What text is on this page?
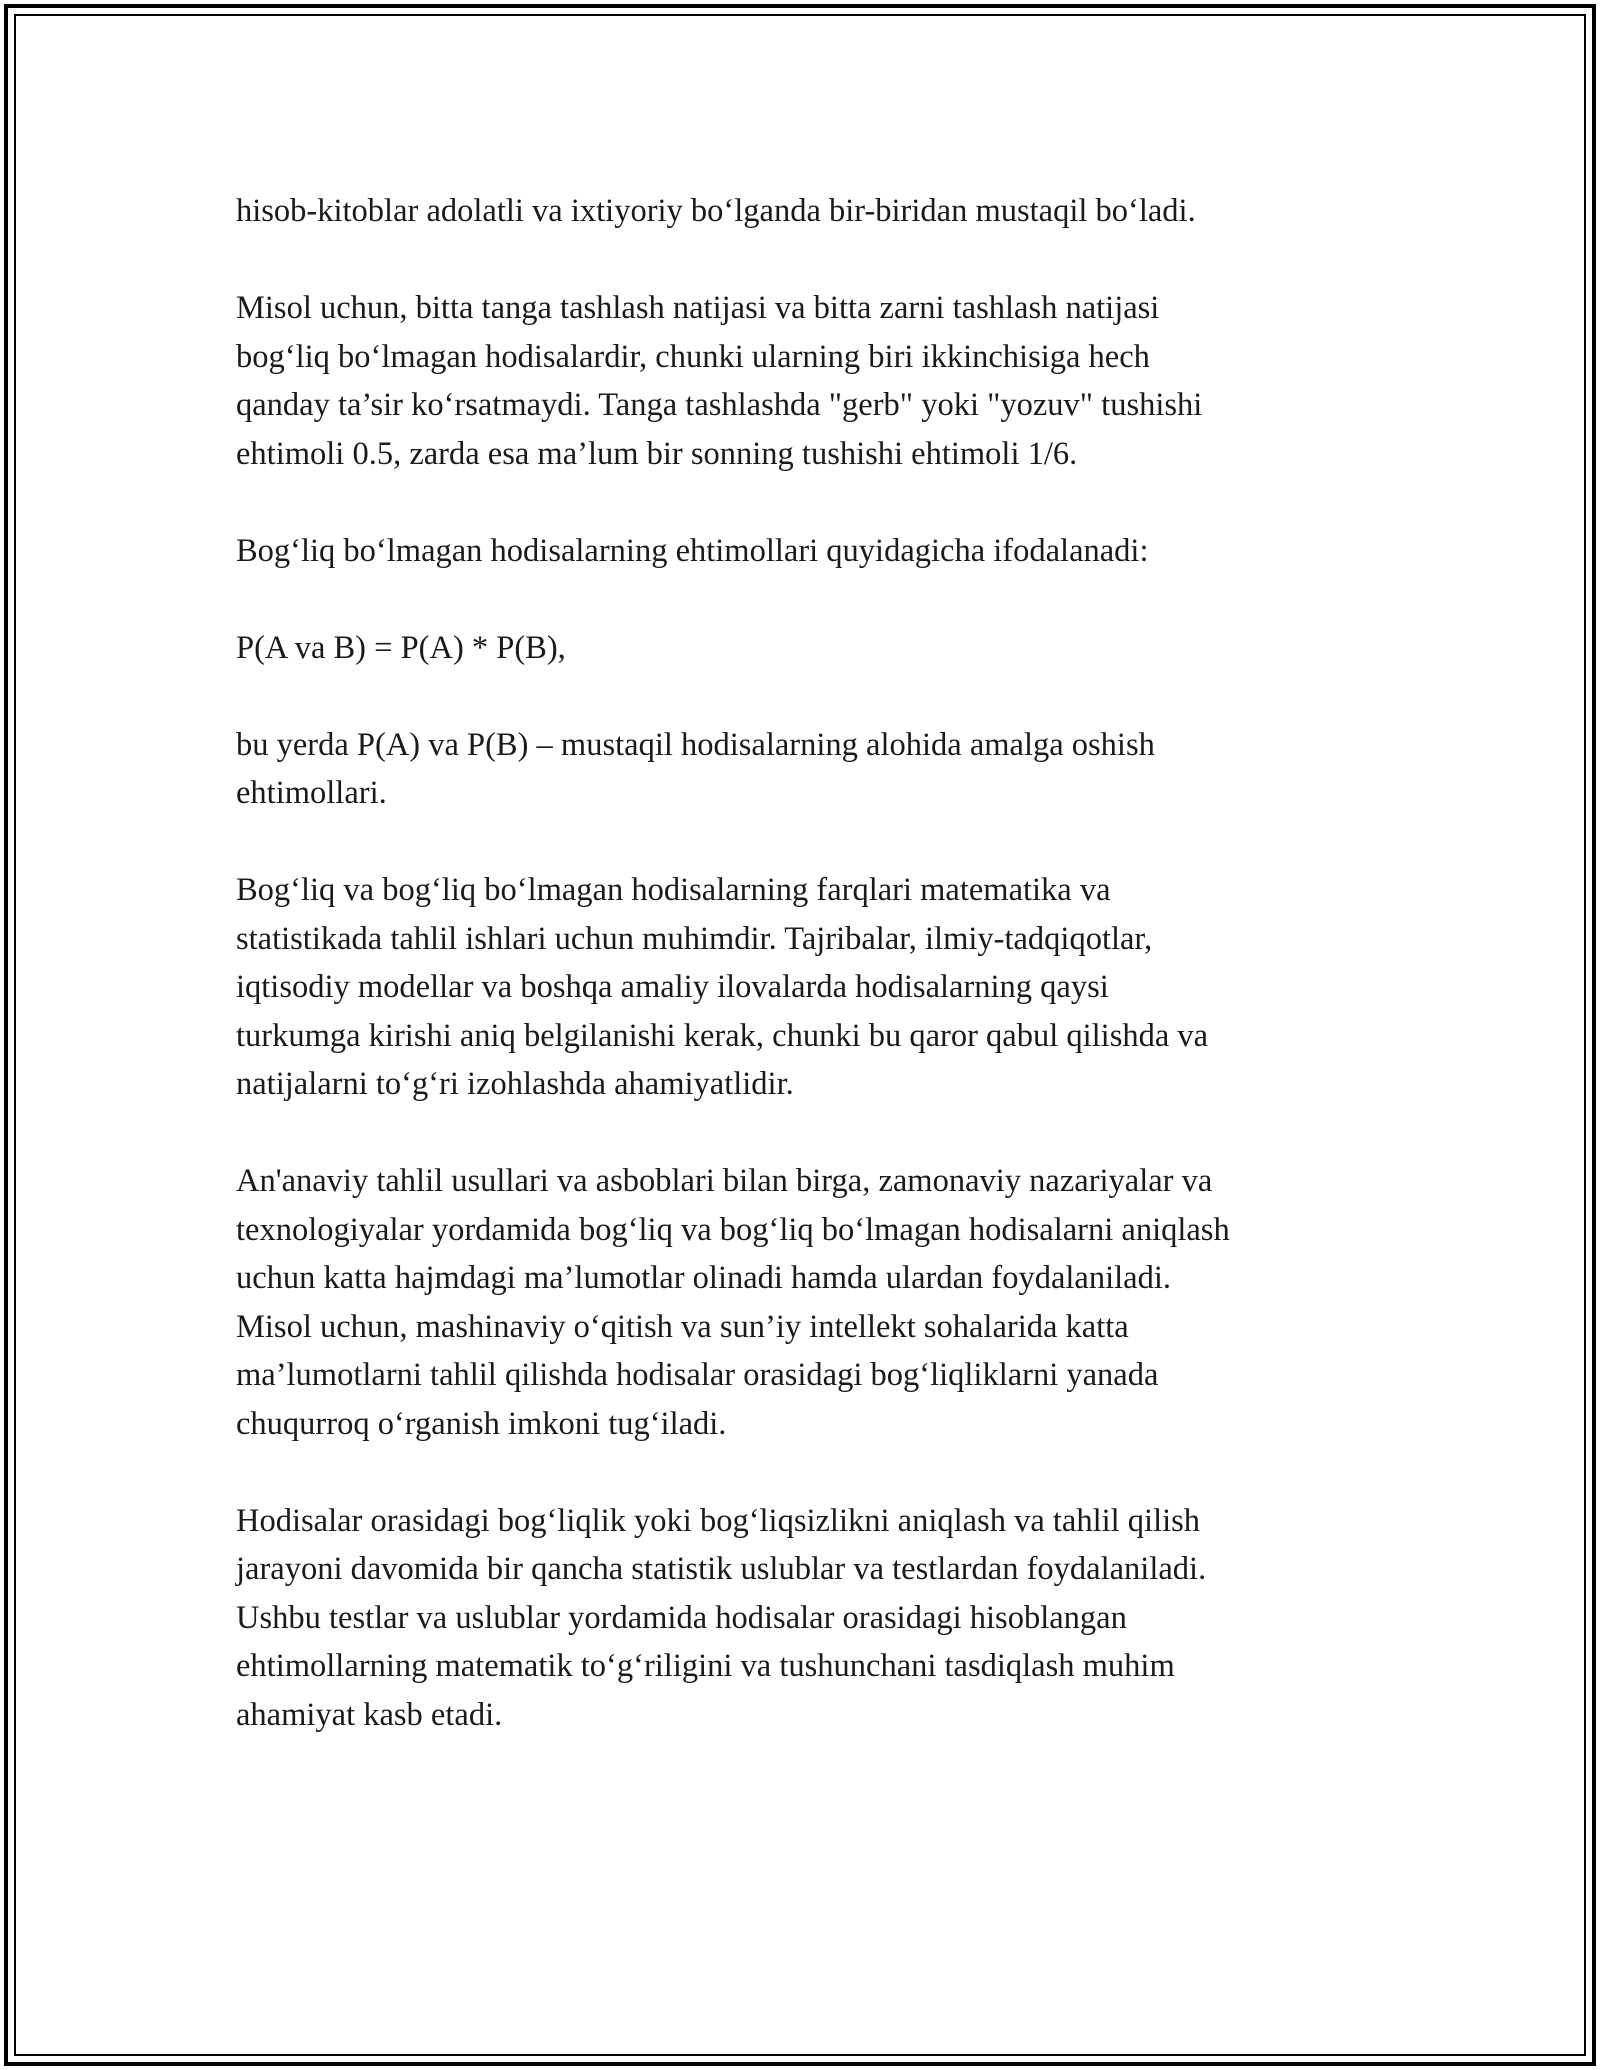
hisob-kitoblar adolatli va ixtiyoriy bo‘lganda bir-biridan mustaqil bo‘ladi.

Misol uchun, bitta tanga tashlash natijasi va bitta zarni tashlash natijasi
bog‘liq bo‘lmagan hodisalardir, chunki ularning biri ikkinchisiga hech
qanday ta’sir ko‘rsatmaydi. Tanga tashlashda "gerb" yoki "yozuv" tushishi
ehtimoli 0.5, zarda esa ma’lum bir sonning tushishi ehtimoli 1/6.

Bog‘liq bo‘lmagan hodisalarning ehtimollari quyidagicha ifodalanadi:

P(A va B) = P(A) * P(B),

bu yerda P(A) va P(B) – mustaqil hodisalarning alohida amalga oshish
ehtimollari.

Bog‘liq va bog‘liq bo‘lmagan hodisalarning farqlari matematika va
statistikada tahlil ishlari uchun muhimdir. Tajribalar, ilmiy-tadqiqotlar,
iqtisodiy modellar va boshqa amaliy ilovalarda hodisalarning qaysi
turkumga kirishi aniq belgilanishi kerak, chunki bu qaror qabul qilishda va
natijalarni to‘g‘ri izohlashda ahamiyatlidir.

An'anaviy tahlil usullari va asboblari bilan birga, zamonaviy nazariyalar va
texnologiyalar yordamida bog‘liq va bog‘liq bo‘lmagan hodisalarni aniqlash
uchun katta hajmdagi ma’lumotlar olinadi hamda ulardan foydalaniladi.
Misol uchun, mashinaviy o‘qitish va sun’iy intellekt sohalarida katta
ma’lumotlarni tahlil qilishda hodisalar orasidagi bog‘liqliklarni yanada
chuqurroq o‘rganish imkoni tug‘iladi.

Hodisalar orasidagi bog‘liqlik yoki bog‘liqsizlikni aniqlash va tahlil qilish
jarayoni davomida bir qancha statistik uslublar va testlardan foydalaniladi.
Ushbu testlar va uslublar yordamida hodisalar orasidagi hisoblangan
ehtimollarning matematik to‘g‘riligini va tushunchani tasdiqlash muhim
ahamiyat kasb etadi.
